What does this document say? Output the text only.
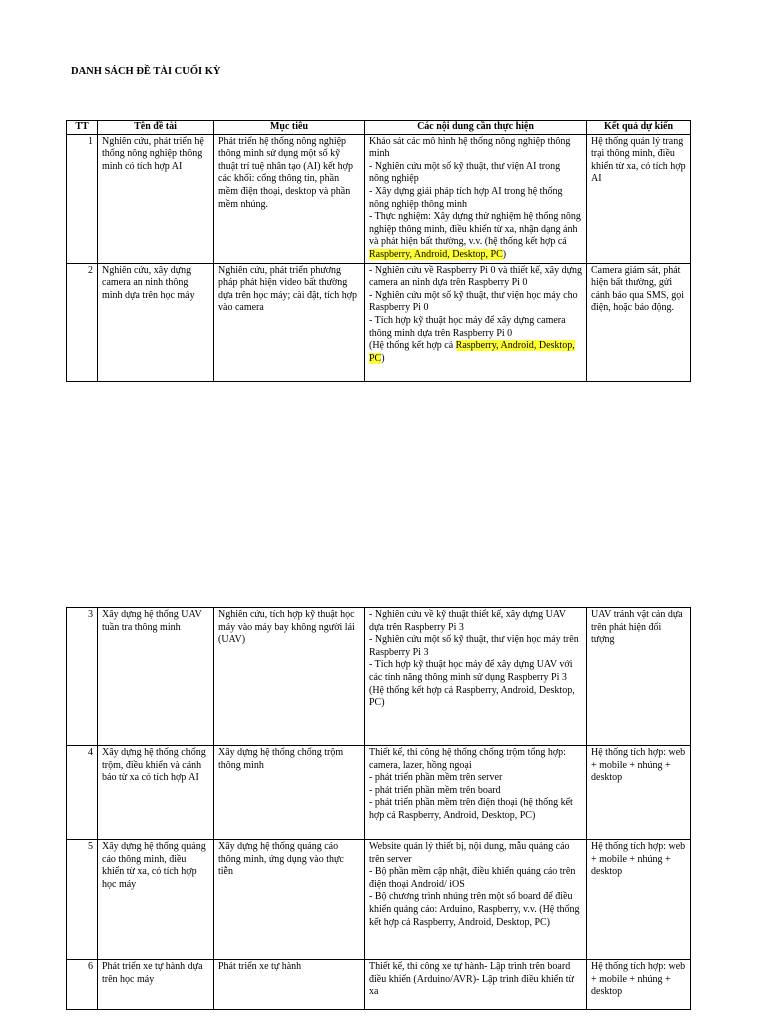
DANH SÁCH ĐỀ TÀI CUỐI KỲ
TT	Tên đề tài	Mục tiêu	Các nội dung cần thực hiện	Kết quả dự kiến
1	Nghiên cứu, phát triển hệ thống nông nghiệp thông minh có tích hợp AI	Phát triển hệ thống nông nghiệp thông minh sử dụng một số kỹ thuật trí tuệ nhân tạo (AI) kết hợp các khối: cổng thông tin, phần mềm điện thoại, desktop và phần mềm nhúng.	Khảo sát các mô hình hệ thống nông nghiệp thông minh
- Nghiên cứu một số kỹ thuật, thư viện AI trong nông nghiệp
- Xây dựng giải pháp tích hợp AI trong hệ thống nông nghiệp thông minh
- Thực nghiệm: Xây dựng thử nghiệm hệ thống nông nghiệp thông minh, điều khiển từ xa, nhận dạng ảnh và phát hiện bất thường, v.v. (hệ thống kết hợp cả Raspberry, Android, Desktop, PC)	Hệ thống quản lý trang trại thông minh, điều khiển từ xa, có tích hợp AI
2	Nghiên cứu, xây dựng camera an ninh thông minh dựa trên học máy	Nghiên cứu, phát triển phương pháp phát hiện video bất thường dựa trên học máy; cài đặt, tích hợp vào camera	- Nghiên cứu về Raspberry Pi 0 và thiết kế, xây dựng camera an ninh dựa trên Raspberry Pi 0
- Nghiên cứu một số kỹ thuật, thư viện học máy cho Raspberry Pi 0
- Tích hợp kỹ thuật học máy để xây dựng camera thông minh dựa trên Raspberry Pi 0
(Hệ thống kết hợp cả Raspberry, Android, Desktop, PC)	Camera giám sát, phát hiện bất thường, gửi cảnh báo qua SMS, gọi điện, hoặc báo động.
3	Xây dựng hệ thống UAV tuần tra thông minh	Nghiên cứu, tích hợp kỹ thuật học máy vào máy bay không người lái (UAV)	- Nghiên cứu về kỹ thuật thiết kế, xây dựng UAV dựa trên Raspberry Pi 3
- Nghiên cứu một số kỹ thuật, thư viện học máy trên Raspberry Pi 3
- Tích hợp kỹ thuật học máy để xây dựng UAV với các tính năng thông minh sử dụng Raspberry Pi 3
(Hệ thống kết hợp cả Raspberry, Android, Desktop, PC)	UAV tránh vật cản dựa trên phát hiện đối tượng
4	Xây dựng hệ thống chống trộm, điều khiển và cảnh báo từ xa có tích hợp AI	Xây dựng hệ thống chống trộm thông minh	Thiết kế, thi công hệ thống chống trộm tổng hợp: camera, lazer, hồng ngoại
- phát triển phần mềm trên server
- phát triển phần mềm trên board
- phát triển phần mềm trên điện thoại (hệ thống kết hợp cả Raspberry, Android, Desktop, PC)	Hệ thống tích hợp: web + mobile + nhúng + desktop
5	Xây dựng hệ thống quảng cáo thông minh, điều khiển từ xa, có tích hợp học máy	Xây dựng hệ thống quảng cáo thông minh, ứng dụng vào thực tiễn	Website quản lý thiết bị, nội dung, mẫu quảng cáo trên server
- Bộ phần mềm cập nhật, điều khiển quảng cáo trên điện thoại Android/ iOS
- Bộ chương trình nhúng trên một số board để điều khiển quảng cáo: Arduino, Raspberry, v.v. (Hệ thống kết hợp cả Raspberry, Android, Desktop, PC)	Hệ thống tích hợp: web + mobile + nhúng + desktop
6	Phát triển xe tự hành dựa trên học máy	Phát triển xe tự hành	Thiết kế, thi công xe tự hành- Lập trình trên board điều khiển (Arduino/AVR)- Lập trình điều khiển từ xa	Hệ thống tích hợp: web + mobile + nhúng + desktop
